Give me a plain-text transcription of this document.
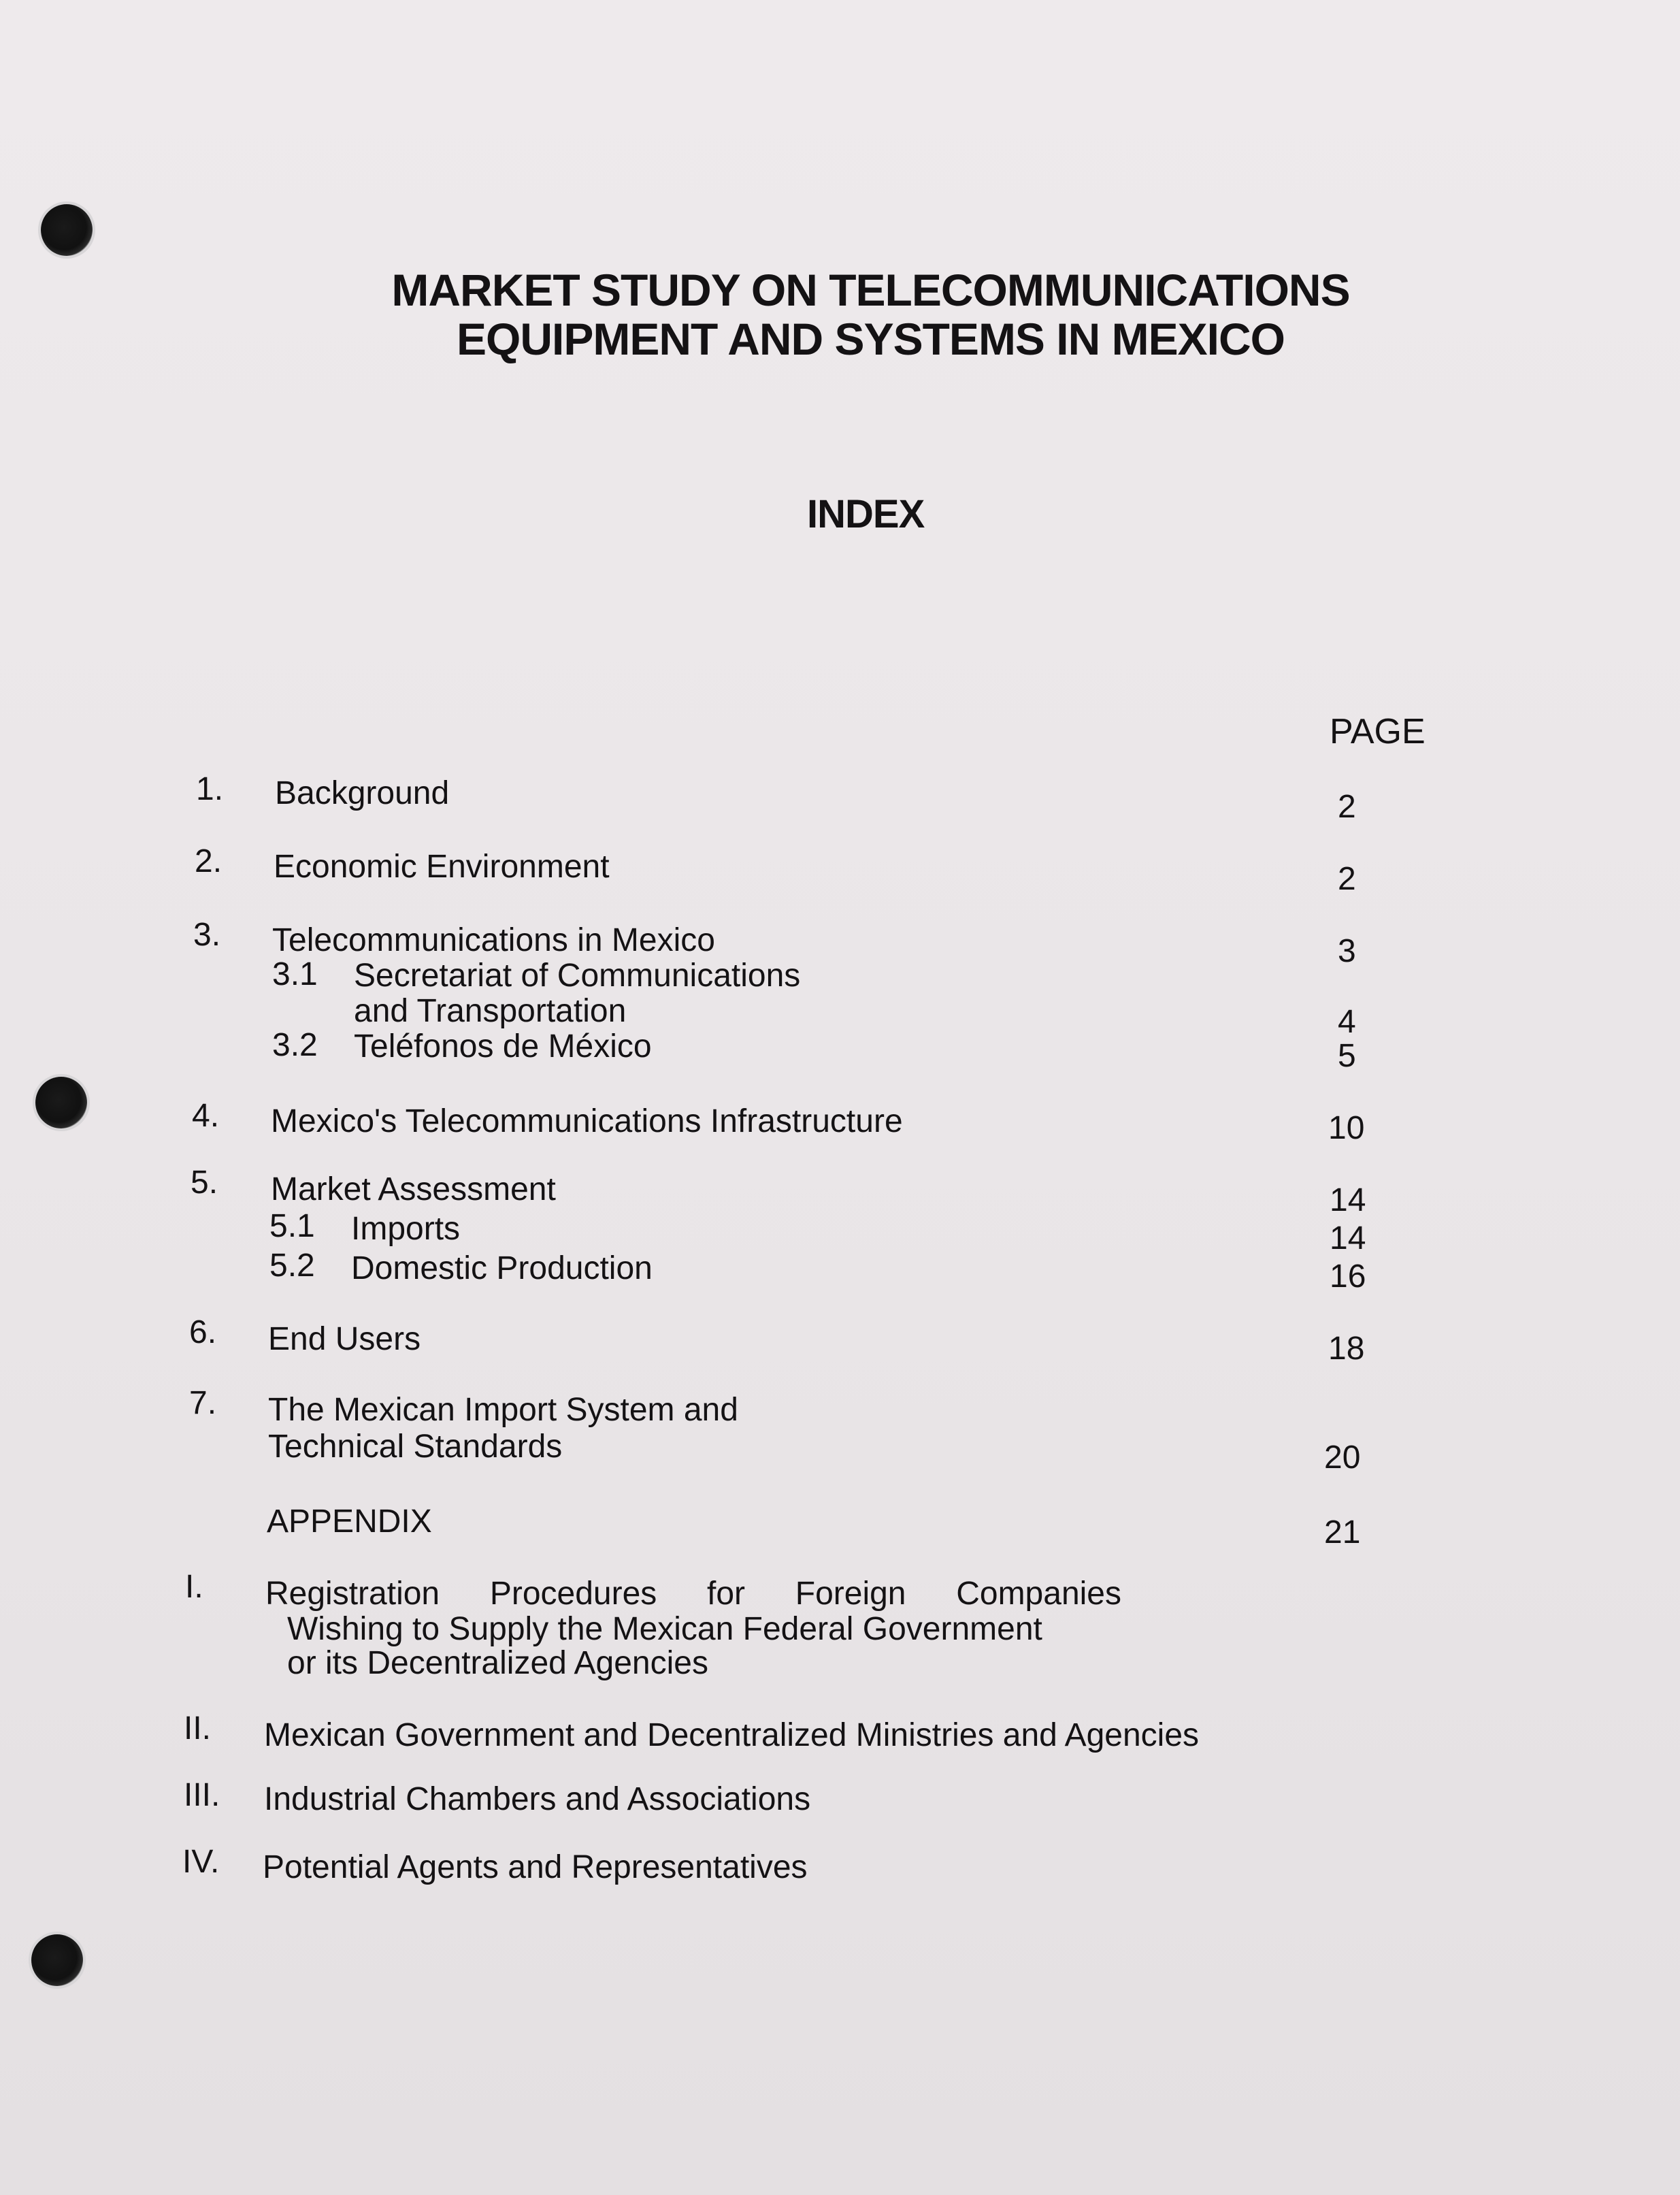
MARKET STUDY ON TELECOMMUNICATIONS
EQUIPMENT AND SYSTEMS IN MEXICO
INDEX
PAGE
1. Background	2
2. Economic Environment	2
3. Telecommunications in Mexico	3
3.1 Secretariat of Communications
and Transportation	4
3.2 Teléfonos de México	5
4. Mexico's Telecommunications Infrastructure	10
5. Market Assessment	14
5.1 Imports	14
5.2 Domestic Production	16
6. End Users	18
7. The Mexican Import System and
Technical Standards	20
APPENDIX	21
I. Registration Procedures for Foreign Companies
Wishing to Supply the Mexican Federal Government
or its Decentralized Agencies
II. Mexican Government and Decentralized Ministries and Agencies
III. Industrial Chambers and Associations
IV. Potential Agents and Representatives
